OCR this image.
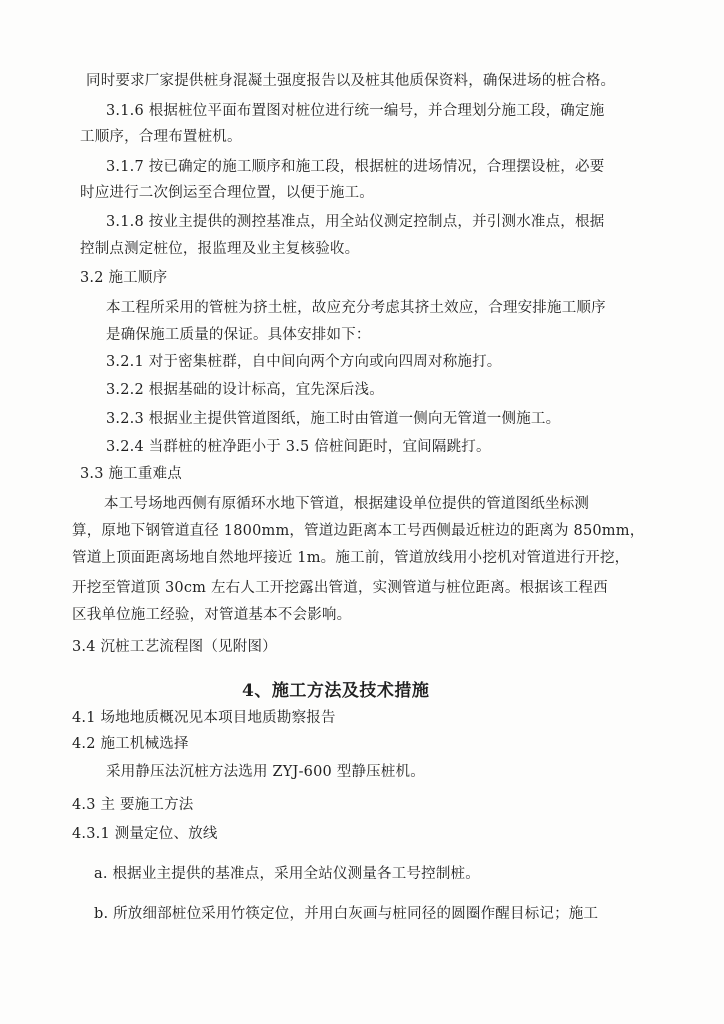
同时要求厂家提供桩身混凝土强度报告以及桩其他质保资料，确保进场的桩合格。
3.1.6 根据桩位平面布置图对桩位进行统一编号，并合理划分施工段，确定施
工顺序，合理布置桩机。
3.1.7 按已确定的施工顺序和施工段，根据桩的进场情况，合理摆设桩，必要
时应进行二次倒运至合理位置，以便于施工。
3.1.8 按业主提供的测控基准点，用全站仪测定控制点，并引测水准点，根据
控制点测定桩位，报监理及业主复核验收。
3.2 施工顺序
本工程所采用的管桩为挤土桩，故应充分考虑其挤土效应，合理安排施工顺序
是确保施工质量的保证。具体安排如下：
3.2.1 对于密集桩群，自中间向两个方向或向四周对称施打。
3.2.2 根据基础的设计标高，宜先深后浅。
3.2.3 根据业主提供管道图纸，施工时由管道一侧向无管道一侧施工。
3.2.4 当群桩的桩净距小于 3.5 倍桩间距时，宜间隔跳打。
3.3 施工重难点
本工号场地西侧有原循环水地下管道，根据建设单位提供的管道图纸坐标测
算，原地下钢管道直径 1800mm，管道边距离本工号西侧最近桩边的距离为 850mm，
管道上顶面距离场地自然地坪接近 1m。施工前，管道放线用小挖机对管道进行开挖，
开挖至管道顶 30cm 左右人工开挖露出管道，实测管道与桩位距离。根据该工程西
区我单位施工经验，对管道基本不会影响。
3.4 沉桩工艺流程图（见附图）
4、施工方法及技术措施
4.1 场地地质概况见本项目地质勘察报告
4.2 施工机械选择
采用静压法沉桩方法选用 ZYJ-600 型静压桩机。
4.3 主 要施工方法
4.3.1 测量定位、放线
a. 根据业主提供的基准点，采用全站仪测量各工号控制桩。
b. 所放细部桩位采用竹筷定位，并用白灰画与桩同径的圆圈作醒目标记；施工
